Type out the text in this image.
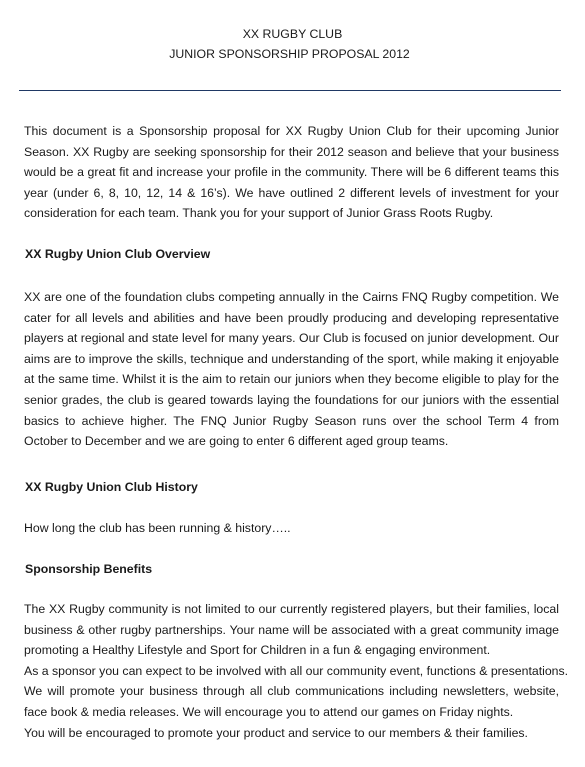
XX RUGBY CLUB
JUNIOR SPONSORSHIP PROPOSAL 2012
This document is a Sponsorship proposal for XX Rugby Union Club for their upcoming Junior Season. XX Rugby are seeking sponsorship for their 2012 season and believe that your business would be a great fit and increase your profile in the community. There will be 6 different teams this year (under 6, 8, 10, 12, 14 & 16’s). We have outlined 2 different levels of investment for your consideration for each team. Thank you for your support of Junior Grass Roots Rugby.
XX Rugby Union Club Overview
XX are one of the foundation clubs competing annually in the Cairns FNQ Rugby competition. We cater for all levels and abilities and have been proudly producing and developing representative players at regional and state level for many years. Our Club is focused on junior development. Our aims are to improve the skills, technique and understanding of the sport, while making it enjoyable at the same time. Whilst it is the aim to retain our juniors when they become eligible to play for the senior grades, the club is geared towards laying the foundations for our juniors with the essential basics to achieve higher. The FNQ Junior Rugby Season runs over the school Term 4 from October to December and we are going to enter 6 different aged group teams.
XX Rugby Union Club History
How long the club has been running & history…..
Sponsorship Benefits
The XX Rugby community is not limited to our currently registered players, but their families, local business & other rugby partnerships. Your name will be associated with a great community image promoting a Healthy Lifestyle and Sport for Children in a fun & engaging environment.
As a sponsor you can expect to be involved with all our community event, functions & presentations.
We will promote your business through all club communications including newsletters, website, face book & media releases. We will encourage you to attend our games on Friday nights.
You will be encouraged to promote your product and service to our members & their families.
